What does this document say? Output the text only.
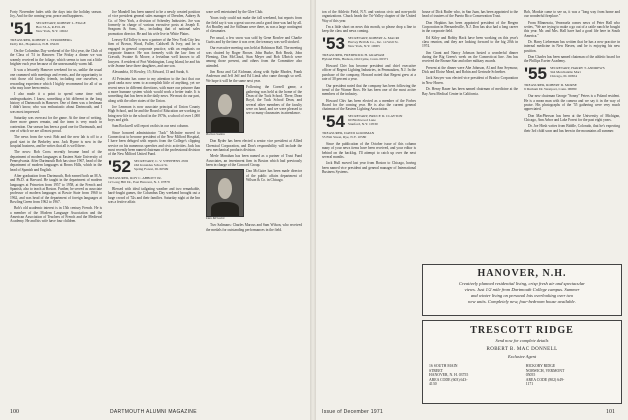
Forty November fades with the days into the holiday season. Joy, And for the coming year, peace and happiness.

'51 SECRETARY, ROBERT L. FIGGE
Box 53-A, R.F.D. #9
New York, N.Y. 10022
TREASURER, ROBERT L. STROMBERG
Dolly Rd., Hopkinton, N.H. 03229

On the Columbus Day weekend of the 61st year, the Club of the Class of '51 in Hanover. The Friday a dinner we was warmly received in the foliage, which seems to turn out a little brighter each year because of the unseasonably warm fall.

It was a leisurely Hanover weekend for us, unlike the usual one crammed with meetings and events, and the opportunity to visit those old faculty friends, including one ourselves, a rewarding experience which I highly recommend for all of us who may have been remiss.

I also made it a point to spend some time with undergraduates. I know, something a bit different in the long history of Dartmouth in Hanover. One of them was a freshman I didn't know, who was enthusiastic about Dartmouth, and I was most impressed.

Saturday was overcast for the game. At the time of writing, three more games remain, and the team is very much in contention. Our season has been a good one for Dartmouth, and one of which we are all most proud.

The news from the west: Bob and the new lab is off to a good start in the Berkeley area. Jack Byrne is now in the hospital business, and he writes that all is well there.

The news: Bob Cross recently became head of the department of modern languages at Eastern State University of Pennsylvania. After Dartmouth Bob has since 1967, head of the department of modern languages at Bronx Hills, which in the head of Spanish and English.

After graduation from Dartmouth, Bob earned both an M.A. and Ph.D. at Harvard. He taught in the department of modern languages at Princeton from 1957 to 1958, at the French and Spanish, also to teach at Boston. Further, he served as associate professor of modern languages at Bowie State from 1960 to 1962, and was head of the department of foreign languages at Bowling Green from 1962 to 1967.

Bob's old academic interest is in 15th century French. He is a member of the Modern Language Association and the American Association of Teachers of French and the Medieval Academy. He and his wife have four children.

Joe Mandell has been named to be a newly created position of vice president general sales manager of Dresden, Aubrey & Co. of New York, a division of Schenley Industries. Joe was formerly in charge of various executive posts at Joseph E. Seagram & Sons, Inc., including that of national sales promotion director. He and his wife live in White Plains.

Leavey Ed Tolley is now a partner of the New York City law firm of Brown, Wood, Fuller, Caldwell & Ivey, and he is engaged in general corporate practice, with an emphasis on corporate finance. He was formerly with the law firm of Cravath, Swaine & Moore, a leviathan well known to all lawyers. A resident of Port Washington, Long Island, he and his wife Jeanne have three daughters, and one son.

Alexandria, 10 Rowley, 15; Edward, 13 and Sarah, 6.

Al Feinstein has come to my attention to the fact that our good ranks now seem to accomplish little of anything, yet we recent news in different directions, with more our prisoner than a more humane system which would work a better trade. It is something that has been in the daily news. We must do our part, along with the other states of the Union.

Joe Lemmon is now associate principal of Union County High School, and he and the Board of Education are working to bring new life to the school in the 1970s, a school of over 1,000 boys and girls.

Sam Rockwell will report on this in our next column.

Since honored administrator "Jack" McIntire moved to Connecticut to become president of the New Milford Hospital, I have been deluged with reports from the College's clipping service on his numerous speeches and civic activities. Jack has most recently been named chairman of the professional division of the New Milford United Fund.

'52 SECRETARY, C. V. STEPHENS 2ND
Old Ironsides School St.
Spring Forest, Ill. 60599
TREASURER, ROY C. ABBOTT JR.
12 Long Hill Dr., East Hanover, N. J. 07878

Blessed with ideal tailgating weather and two remarkable, hard-fought games, the Columbus Day weekend brought out a large crowd of '52s and their families. Saturday night at the Inn was a festive affair.

ware well entertained by the Glee Club.

Yours truly could not make the fall weekend, but reports from the field say it was a great success and a good time was had by all. Art Bradley and Joe Stillman were there, as was a large contingent of classmates.

Per usual, a few snow was sold by Gene Rowlee and Charlie Curtis and by the time it was over, the treasury was well stocked.

Our executive meeting was held at Robinson Hall. The meeting was chaired by Roger Brown. John Burke, Bob Brush, John Fleming, Don McCloud, Stan Meyer and Bob Ulbrich were among those present, and others from the Committee also attended.

Jim Rosa and Cal Eichman, along with Spike Rhodes, Frank Anderson and Jeff Jeff and Ed Linsk who came through so well. We hope it will be the same next year.

Burton Sutton

Following the Cornell game, a gathering was held at the home of the Dean of the Tuck School. There, Dean Boyd, the Tuck School Dean, and several other members of the faculty were on hand, and we were pleased to see so many classmates in attendance.

Don Ryder has been elected a senior vice president at Allied Chemical Corporation, and Don's responsibility will include the new mechanical products division.

Merle Monahan has been named as a partner of Trust Fund Associates, an investment firm in Boston which had previously been in charge of the Concord Group.

Dan McGuire

Dan McGuire has been made director of the public affairs department of Wilson & Co. in Chicago.

Two Saltmans: Charles Marcus and Sam Wilson, who received the medals for outstanding performances in the field.

100	DARTMOUTH ALUMNI MAGAZINE

ton of the Athletic Field, N.Y. and various civic and non-profit organizations. Chuck heads the Tri-Valley chapter of the United Way of this year.

I'm a little short on news this month, so please drop a line to keep the class and news coming.

'53 SECRETARY, ROBERT A. MACRI
Harvey Brill & Co., Inc. 14 Wall St.
New York, N.Y. 10005
TREASURER, FREDERICK H. GRAHAM
Hyland Hills, Hudson, Old Lyme, Conn. 06371

Howard Chiv has become president and chief executive officer of Regent Lighting Industries, in Pennsauken, N.J. In the purchase of the company, Howard noted that Regent grew at a rate of 30 percent a year.

Our president noted that the company has been following the trend of the Warner Bros. He has been one of the most active members of the industry.

Howard Chiv has been elected as a member of the Forbes Board for the coming year. He is also the current general chairman of the Eastern Lighting Association.

'54 SECRETARY, BRUCE D. CLAYTON
60 Birchwood Lane
Stanford, N.Y. 10530
TREASURER, DAVID GOODMAN
55 Elm Street, Rye, N.Y. 10580

Since the publication of the October issue of this column many of your news items have been received, and your editor is behind on the backlog. I'll attempt to catch up over the next several months.

Jack Hull moved last year from Boston to Chicago, having been named vice president and general manager of International Business Systems.

house of Dick Butler who, in San Juan, has been appointed to the head of trustees of the Puerto Rico Conservation Trust.

Don Hopkins has been appointed president of the Bergen Corporation in Bernardsville, N.J. Don has also had a long career in the corporate field.

Ed Kiley and Bobby Hack have been working on this year's class reunion, and they are looking forward to the big 20th in 1974.

Jim Grant and Nancy Johnson hosted a wonderful dinner during the Big Green's week on the Connecticut line. Jim has received the Bronze Star and other military awards.

Present at the dinner were Abe Johnson, Al and Ann Seymour, Dick and Eloise Mead, and Robin and Gertrude Schreiber.

Jack Sawyer was elected vice president of Bradco Corporation in New Haven.

Dr. Henry Bauer has been named chairman of medicine at the Bay Area Medical Center in California.

Bob, Monkie came to see us, it was a "long way from home and our wonderful fireplace."

From Minnesota, Venezuela comes news of Peter Hall who writes, "We are trying to make a go out of a cattle ranch he bought this year. Mr. and Mrs. Hall have had a good life here in South America."

Dr. Harry Lieberman has written that he has a new practice in internal medicine in New Haven, and he is enjoying his new position.

Don Charles has been named chairman of the athletic board for the Phillips Exeter Academy.

'55 SECRETARY, HARRY T. ANDREWS
344 Merchantile Mart
Chicago, Ill. 60654
TREASURER, ROBERT D. MORSE
9 Durham Dr. Westport, Conn. 06880

Our new chairman George "Sonny" Peters is a Poland resident. He is a mean man with the camera and we say it in the way of praise. His photographs of the '55 gathering were very much appreciated.

Don MacPherson has been at the University of Michigan, Chicago, Ann Arbor and Lake Forest for the past eight years.

Dr. Joe Hirsh writes from Biddle, Colorado, that he's expecting their 3rd child soon and has been in the mountains all summer.

HANOVER, N.H.
Creatively planned residential living, crisp fresh air and spectacular
views. Just 1/2 mile from Dartmouth College campus. Summer
and winter living on personal lots overlooking over two
new units. Completely new, four-bedroom house available.
TRESCOTT RIDGE
Send now for complete details
ROBERT B. MAC DONNELL
Exclusive Agent
16 SOUTH MAIN STREET
HANOVER, N. H. 03755
AREA CODE (603) 643-4130
HICKORY RIDGE
NORWICH, VERMONT 05055
AREA CODE (802) 649-1171
Issue of December 1971	101
